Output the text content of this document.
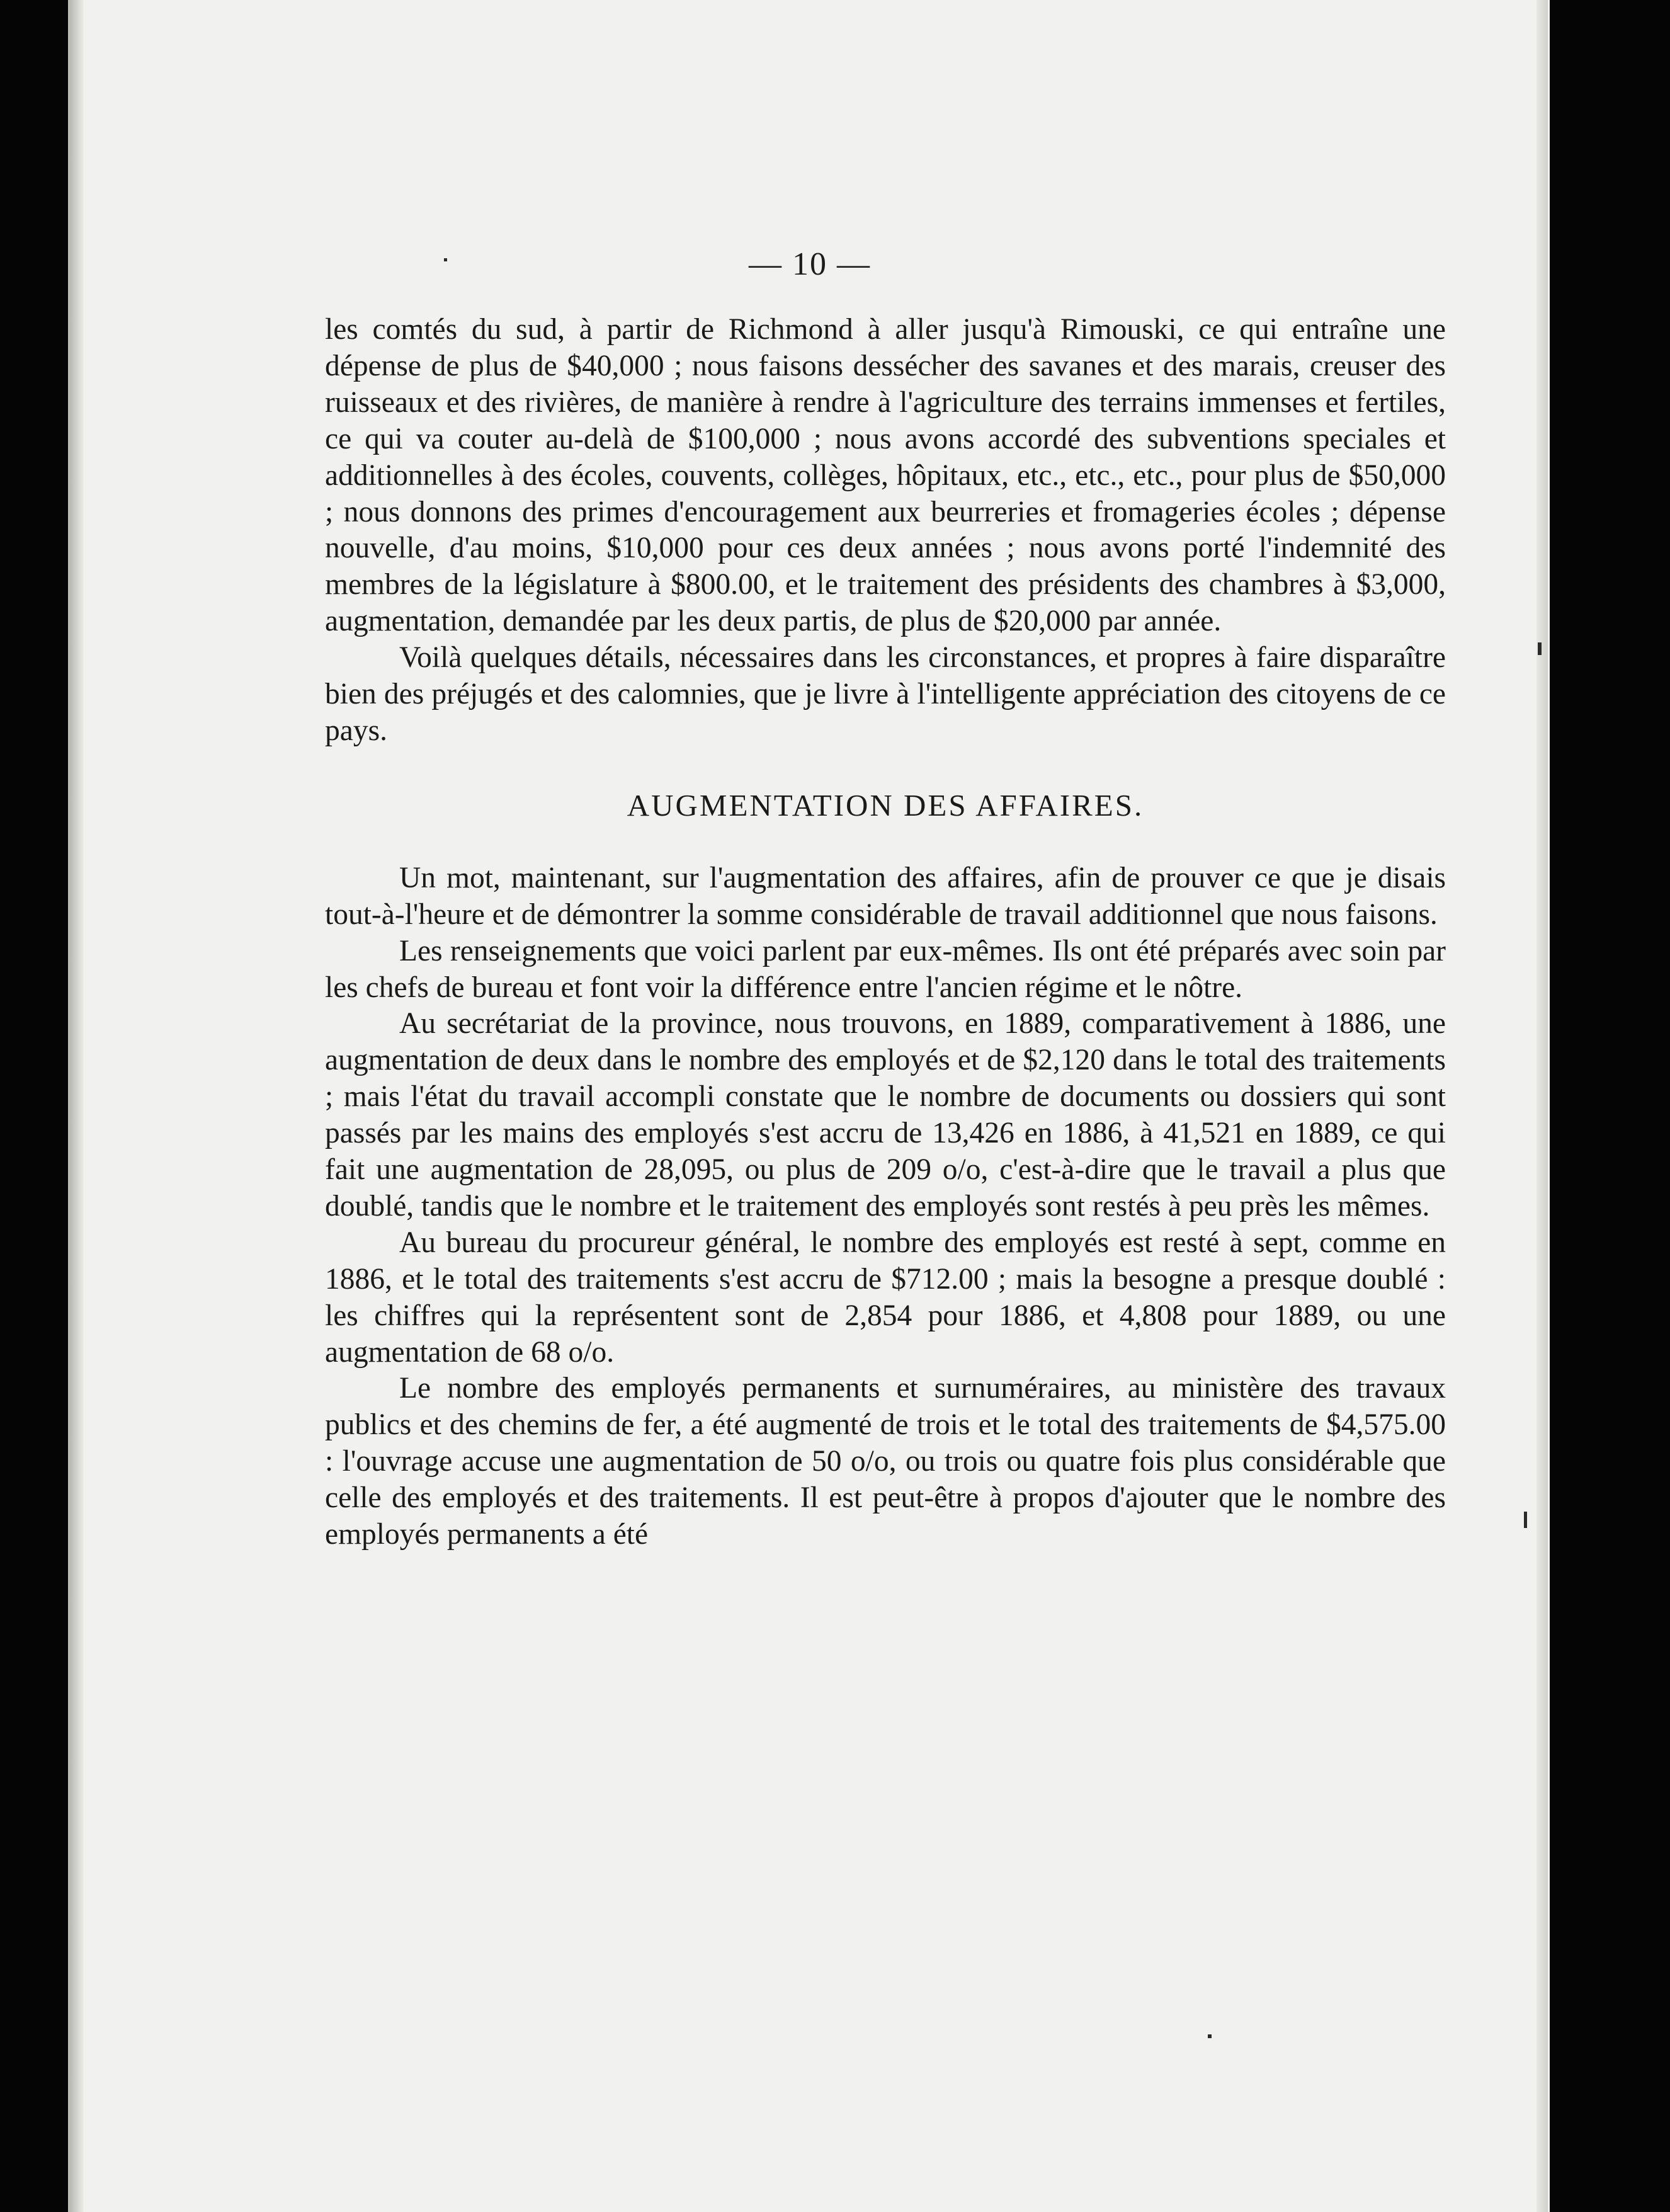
— 10 —

les comtés du sud, à partir de Richmond à aller jusqu'à Rimouski, ce qui entraîne une dépense de plus de $40,000 ; nous faisons dessécher des savanes et des marais, creuser des ruisseaux et des rivières, de manière à rendre à l'agriculture des terrains immenses et fertiles, ce qui va couter au-delà de $100,000 ; nous avons accordé des subventions speciales et additionnelles à des écoles, couvents, collèges, hôpitaux, etc., etc., etc., pour plus de $50,000 ; nous donnons des primes d'encouragement aux beurreries et fromageries écoles ; dépense nouvelle, d'au moins, $10,000 pour ces deux années ; nous avons porté l'indemnité des membres de la législature à $800.00, et le traitement des présidents des chambres à $3,000, augmentation, demandée par les deux partis, de plus de $20,000 par année.

Voilà quelques détails, nécessaires dans les circonstances, et propres à faire disparaître bien des préjugés et des calomnies, que je livre à l'intelligente appréciation des citoyens de ce pays.

AUGMENTATION DES AFFAIRES.

Un mot, maintenant, sur l'augmentation des affaires, afin de prouver ce que je disais tout-à-l'heure et de démontrer la somme considérable de travail additionnel que nous faisons.

Les renseignements que voici parlent par eux-mêmes. Ils ont été préparés avec soin par les chefs de bureau et font voir la différence entre l'ancien régime et le nôtre.

Au secrétariat de la province, nous trouvons, en 1889, comparativement à 1886, une augmentation de deux dans le nombre des employés et de $2,120 dans le total des traitements ; mais l'état du travail accompli constate que le nombre de documents ou dossiers qui sont passés par les mains des employés s'est accru de 13,426 en 1886, à 41,521 en 1889, ce qui fait une augmentation de 28,095, ou plus de 209 o/o, c'est-à-dire que le travail a plus que doublé, tandis que le nombre et le traitement des employés sont restés à peu près les mêmes.

Au bureau du procureur général, le nombre des employés est resté à sept, comme en 1886, et le total des traitements s'est accru de $712.00 ; mais la besogne a presque doublé : les chiffres qui la représentent sont de 2,854 pour 1886, et 4,808 pour 1889, ou une augmentation de 68 o/o.

Le nombre des employés permanents et surnuméraires, au ministère des travaux publics et des chemins de fer, a été augmenté de trois et le total des traitements de $4,575.00 : l'ouvrage accuse une augmentation de 50 o/o, ou trois ou quatre fois plus considérable que celle des employés et des traitements. Il est peut-être à propos d'ajouter que le nombre des employés permanents a été
